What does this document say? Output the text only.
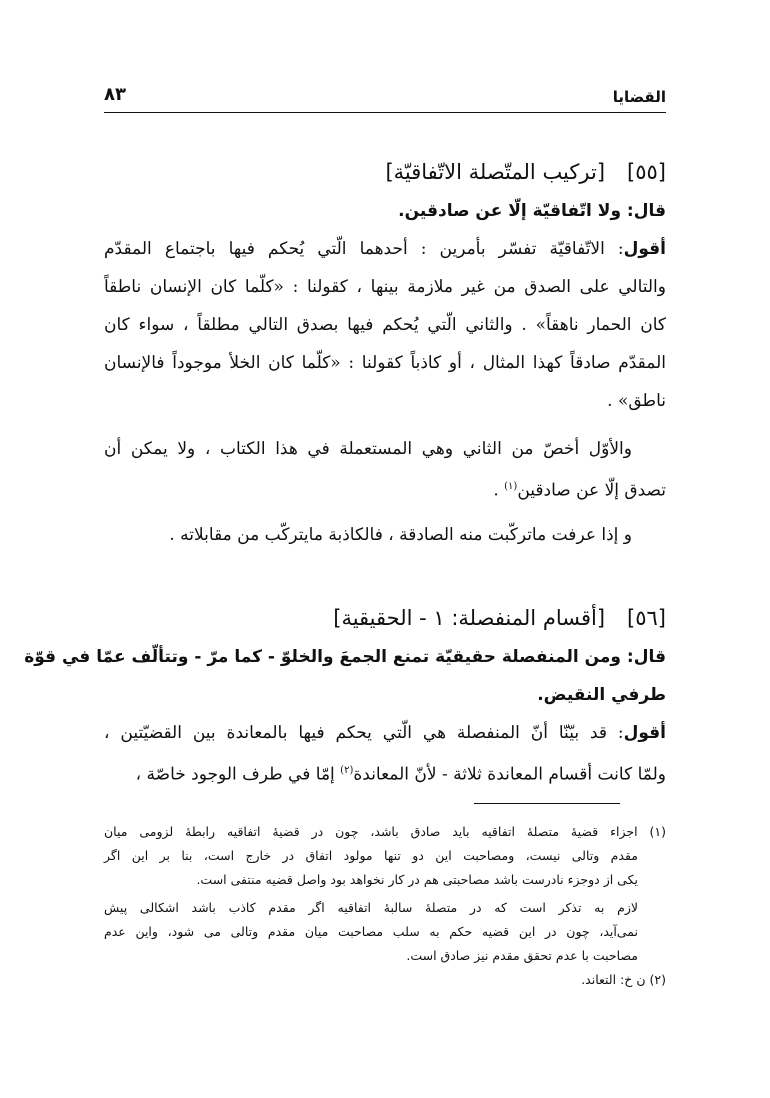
القضايا
٨٣
[٥٥][تركيب المتّصلة الاتّفاقيّة]
قال: ولا اتّفاقيّة إلّا عن صادقين.
أقول: الاتّفاقيّة تفسّر بأمرين : أحدهما الّتي يُحكم فيها باجتماع المقدّم
والتالي على الصدق من غير ملازمة بينها ، كقولنا : «كلّما كان الإنسان ناطقاً
كان الحمار ناهقاً» . والثاني الّتي يُحكم فيها بصدق التالي مطلقاً ، سواء كان
المقدّم صادقاً كهذا المثال ، أو كاذباً كقولنا : «كلّما كان الخلأ موجوداً فالإنسان
ناطق» .
والأوّل أخصّ من الثاني وهي المستعملة في هذا الكتاب ، ولا يمكن أن
تصدق إلّا عن صادقين$^{(١)}$ .
و إذا عرفت ماتركّبت منه الصادقة ، فالكاذبة مايتركّب من مقابلاته .
[٥٦][أقسام المنفصلة: ١ - الحقيقية]
قال: ومن المنفصلة حقيقيّة تمنع الجمعَ والخلوّ - كما مرّ - وتتألّف عمّا في قوّة
طرفي النقيض.
أقول: قد بيّنّا أنّ المنفصلة هي الّتي يحكم فيها بالمعاندة بين القضيّتين ،
ولمّا كانت أقسام المعاندة ثلاثة - لأنّ المعاندة$^{(٢)}$ إمّا في طرف الوجود خاصّة ،
(١) اجزاء قضيهٔ متصلهٔ اتفاقيه بايد صادق باشد، چون در قضيهٔ اتفاقيه رابطهٔ لزومی ميان
مقدم وتالی نيست، ومصاحبت اين دو تنها مولود اتفاق در خارج است، بنا بر اين اگر
يكی از دوجزء نادرست باشد مصاحبتی هم در كار نخواهد بود واصل قضيه منتفی است.
لازم به تذكر است كه در متصلهٔ سالبهٔ اتفاقيه اگر مقدم كاذب باشد اشكالی پيش
نمی‌آيد، چون در اين قضيه حكم به سلب مصاحبت ميان مقدم وتالی می شود، واين عدم
مصاحبت با عدم تحقق مقدم نيز صادق است.
(٢) ن خ: التعاند.
